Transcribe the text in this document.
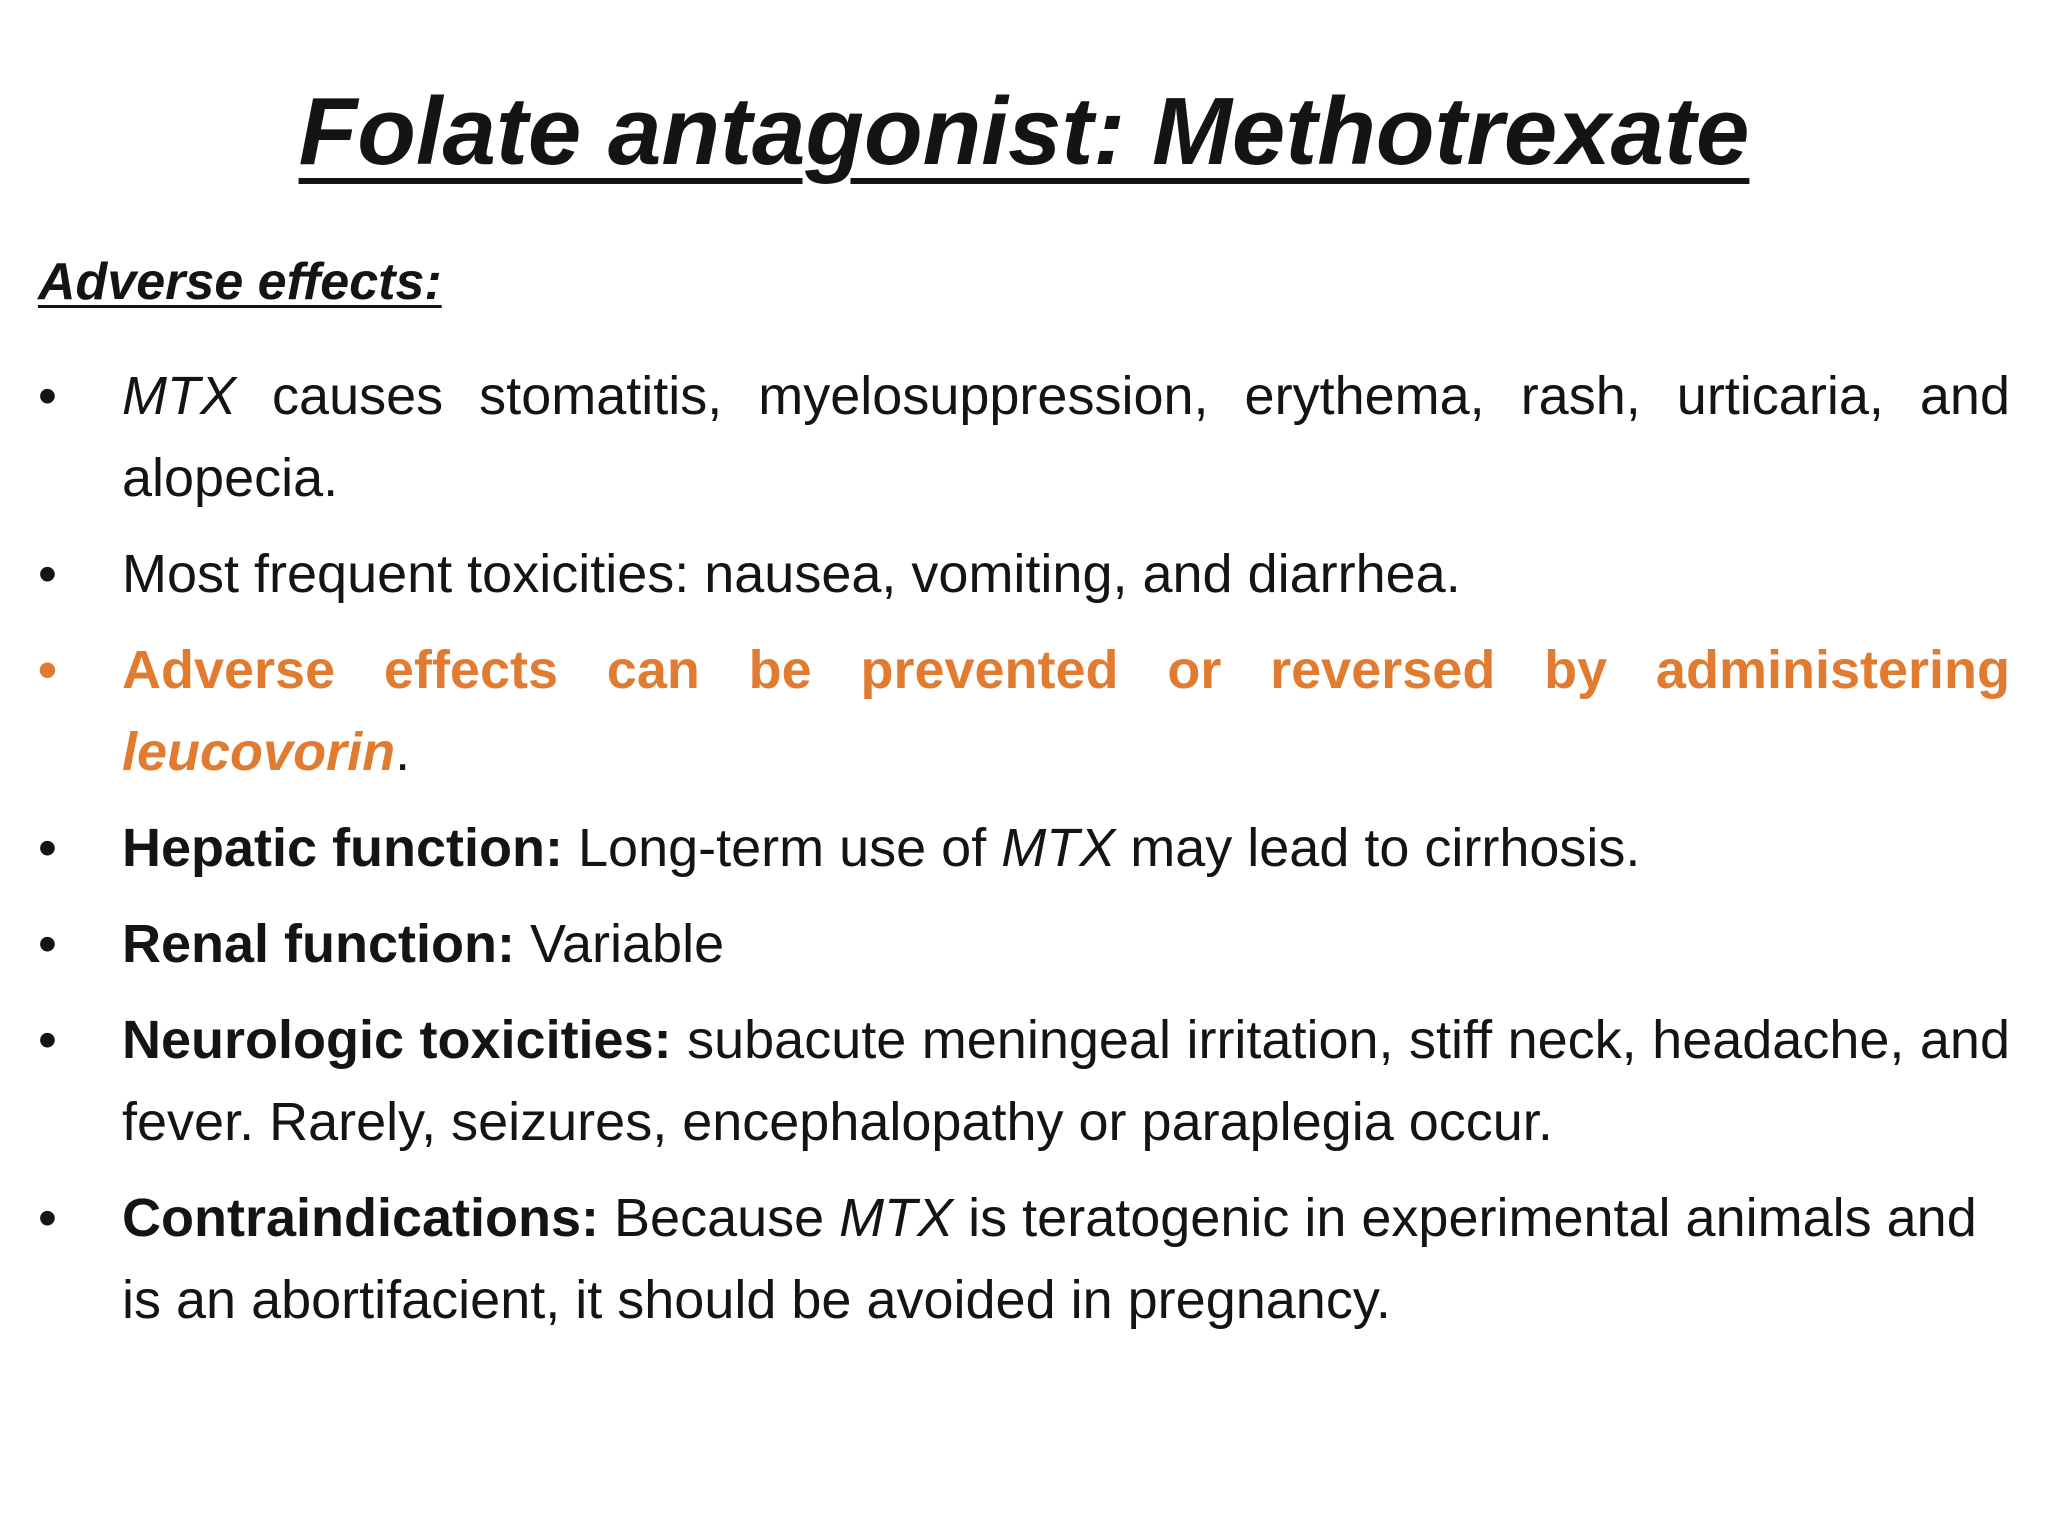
Folate antagonist: Methotrexate
Adverse effects:
•	MTX causes stomatitis, myelosuppression, erythema, rash, urticaria, and alopecia.
•	Most frequent toxicities: nausea, vomiting, and diarrhea.
•	Adverse effects can be prevented or reversed by administering leucovorin.
•	Hepatic function: Long-term use of MTX may lead to cirrhosis.
•	Renal function: Variable
•	Neurologic toxicities: subacute meningeal irritation, stiff neck, headache, and fever. Rarely, seizures, encephalopathy or paraplegia occur.
•	Contraindications: Because MTX is teratogenic in experimental animals and is an abortifacient, it should be avoided in pregnancy.
